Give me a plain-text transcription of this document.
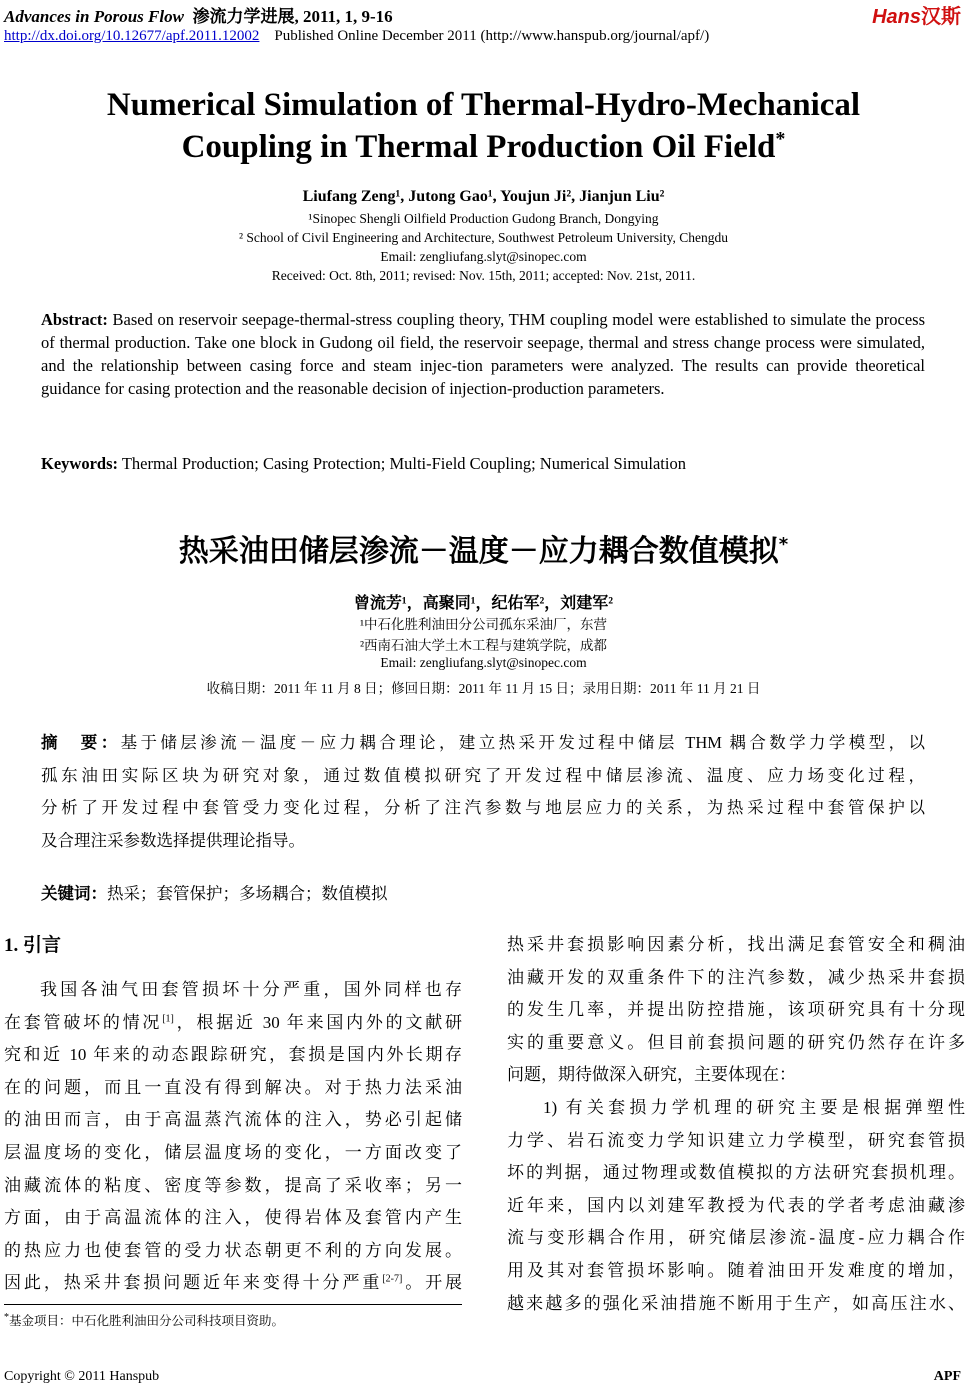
Advances in Porous Flow 渗流力学进展, 2011, 1, 9-16
http://dx.doi.org/10.12677/apf.2011.12002 Published Online December 2011 (http://www.hanspub.org/journal/apf/)
Hans汉斯
Numerical Simulation of Thermal-Hydro-Mechanical
Coupling in Thermal Production Oil Field*
Liufang Zeng¹, Jutong Gao¹, Youjun Ji², Jianjun Liu²
¹Sinopec Shengli Oilfield Production Gudong Branch, Dongying
² School of Civil Engineering and Architecture, Southwest Petroleum University, Chengdu
Email: zengliufang.slyt@sinopec.com
Received: Oct. 8th, 2011; revised: Nov. 15th, 2011; accepted: Nov. 21st, 2011.
Abstract: Based on reservoir seepage-thermal-stress coupling theory, THM coupling model were established to simulate the process of thermal production. Take one block in Gudong oil field, the reservoir seepage, thermal and stress change process were simulated, and the relationship between casing force and steam injec-tion parameters were analyzed. The results can provide theoretical guidance for casing protection and the reasonable decision of injection-production parameters.
Keywords: Thermal Production; Casing Protection; Multi-Field Coupling; Numerical Simulation
热采油田储层渗流－温度－应力耦合数值模拟*
曾流芳¹，高聚同¹，纪佑军²，刘建军²
¹中石化胜利油田分公司孤东采油厂，东营
²西南石油大学土木工程与建筑学院，成都
Email: zengliufang.slyt@sinopec.com
收稿日期：2011 年 11 月 8 日；修回日期：2011 年 11 月 15 日；录用日期：2011 年 11 月 21 日
摘　要：基于储层渗流－温度－应力耦合理论，建立热采开发过程中储层 THM 耦合数学力学模型，以
孤东油田实际区块为研究对象，通过数值模拟研究了开发过程中储层渗流、温度、应力场变化过程，
分析了开发过程中套管受力变化过程，分析了注汽参数与地层应力的关系，为热采过程中套管保护以
及合理注采参数选择提供理论指导。
关键词：热采；套管保护；多场耦合；数值模拟
1. 引言
我国各油气田套管损坏十分严重，国外同样也存
在套管破坏的情况[1]，根据近 30 年来国内外的文献研
究和近 10 年来的动态跟踪研究，套损是国内外长期存
在的问题，而且一直没有得到解决。对于热力法采油
的油田而言，由于高温蒸汽流体的注入，势必引起储
层温度场的变化，储层温度场的变化，一方面改变了
油藏流体的粘度、密度等参数，提高了采收率；另一
方面，由于高温流体的注入，使得岩体及套管内产生
的热应力也使套管的受力状态朝更不利的方向发展。
因此，热采井套损问题近年来变得十分严重[2-7]。开展
热采井套损影响因素分析，找出满足套管安全和稠油
油藏开发的双重条件下的注汽参数，减少热采井套损
的发生几率，并提出防控措施，该项研究具有十分现
实的重要意义。但目前套损问题的研究仍然存在许多
问题，期待做深入研究，主要体现在：
1) 有关套损力学机理的研究主要是根据弹塑性
力学、岩石流变力学知识建立力学模型，研究套管损
坏的判据，通过物理或数值模拟的方法研究套损机理。
近年来，国内以刘建军教授为代表的学者考虑油藏渗
流与变形耦合作用，研究储层渗流-温度-应力耦合作
用及其对套管损坏影响。随着油田开发难度的增加，
越来越多的强化采油措施不断用于生产，如高压注水、
*基金项目：中石化胜利油田分公司科技项目资助。
Copyright © 2011 Hanspub	APF
